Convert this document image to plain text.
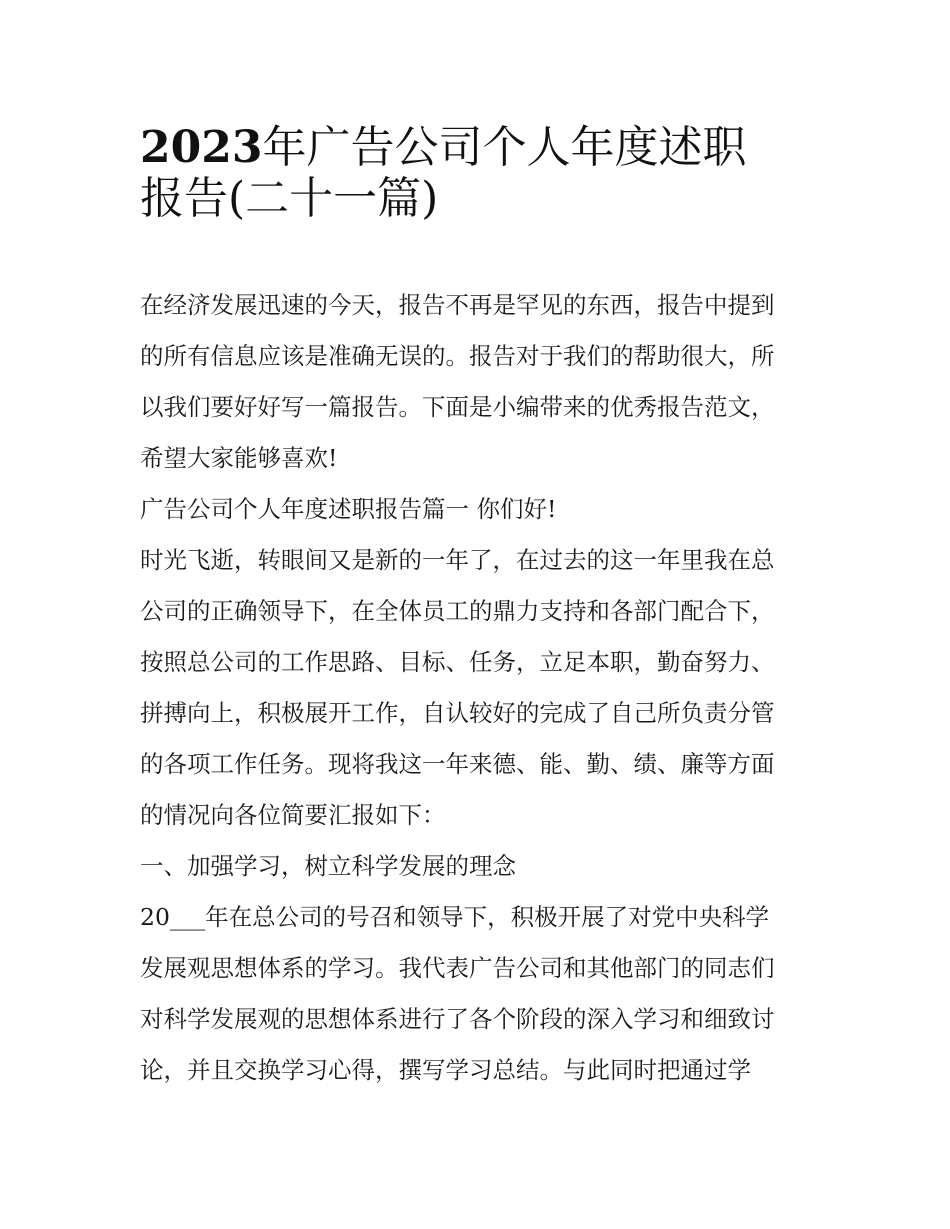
2023年广告公司个人年度述职
报告(二十一篇)

在经济发展迅速的今天，报告不再是罕见的东西，报告中提到
的所有信息应该是准确无误的。报告对于我们的帮助很大，所
以我们要好好写一篇报告。下面是小编带来的优秀报告范文，
希望大家能够喜欢!

广告公司个人年度述职报告篇一 你们好!

时光飞逝，转眼间又是新的一年了，在过去的这一年里我在总
公司的正确领导下，在全体员工的鼎力支持和各部门配合下，
按照总公司的工作思路、目标、任务，立足本职，勤奋努力、
拼搏向上，积极展开工作，自认较好的完成了自己所负责分管
的各项工作任务。现将我这一年来德、能、勤、绩、廉等方面
的情况向各位简要汇报如下：

一、加强学习，树立科学发展的理念

20___年在总公司的号召和领导下，积极开展了对党中央科学
发展观思想体系的学习。我代表广告公司和其他部门的同志们
对科学发展观的思想体系进行了各个阶段的深入学习和细致讨
论，并且交换学习心得，撰写学习总结。与此同时把通过学
